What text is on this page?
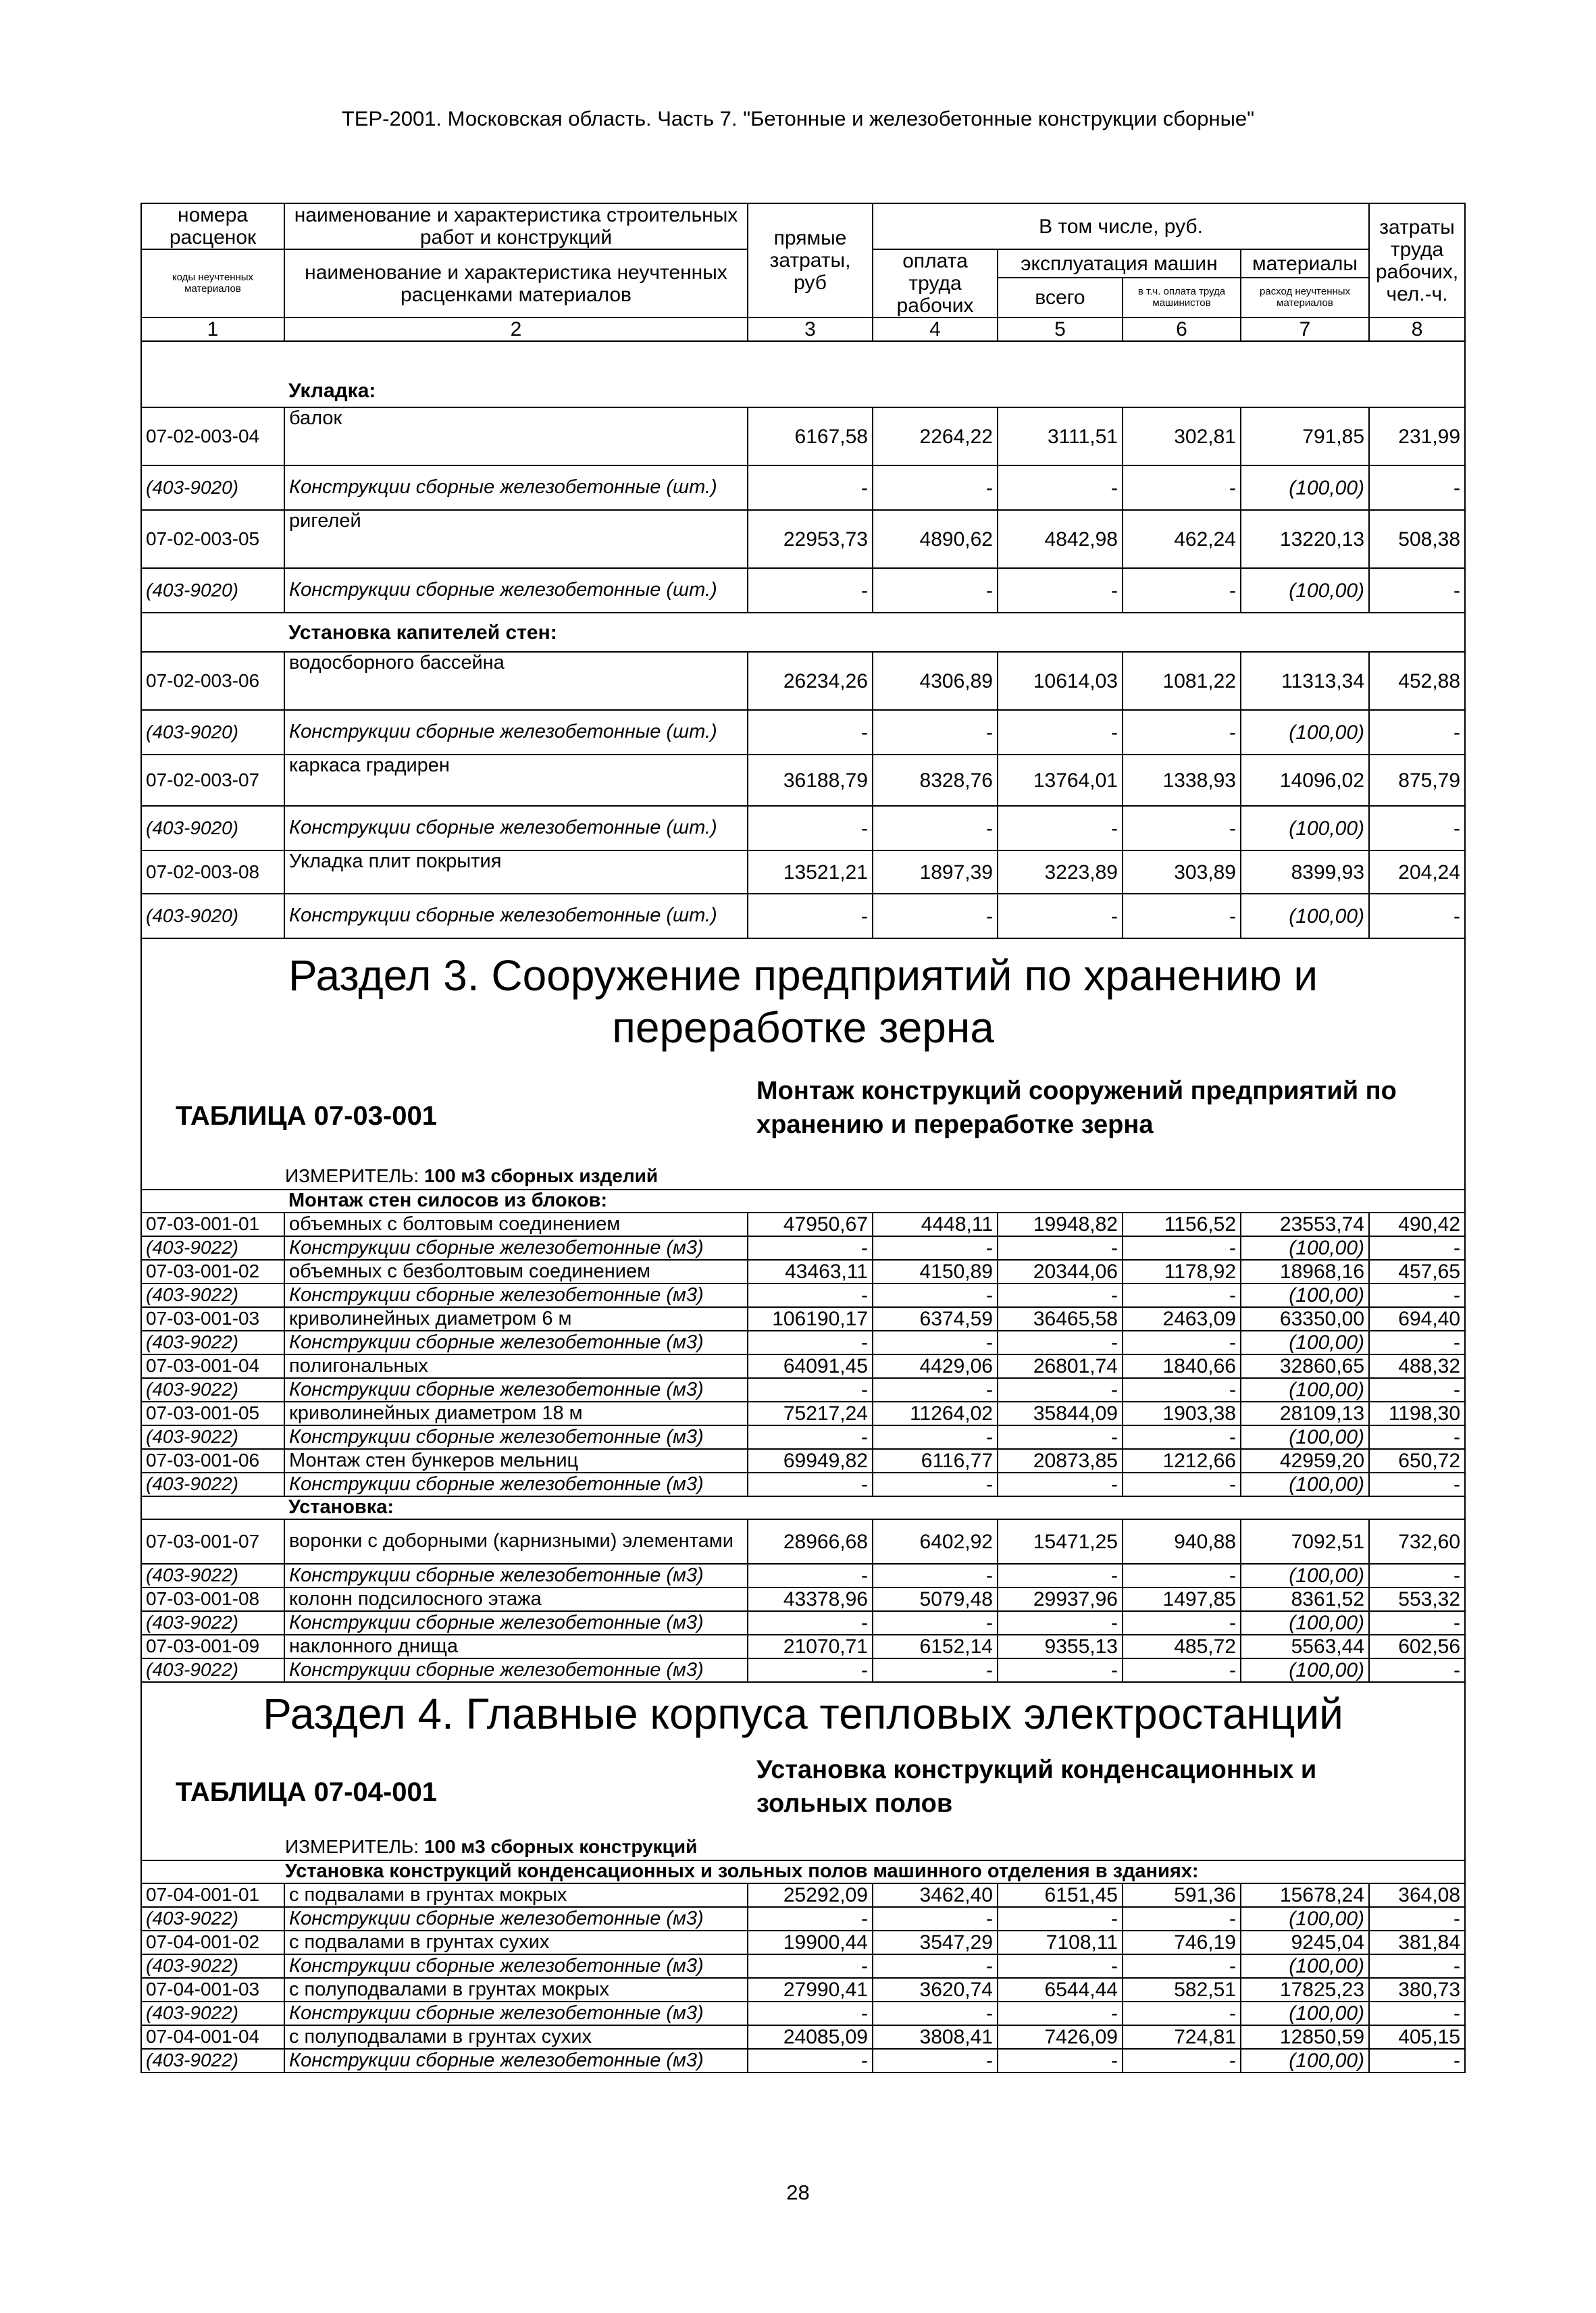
ТЕР-2001. Московская область. Часть 7. "Бетонные и железобетонные конструкции сборные"
номера расценок	наименование и характеристика строительных работ и конструкций	прямые затраты, руб	В том числе, руб.				затраты труда рабочих, чел.-ч.
коды неучтенных материалов	наименование и характеристика неучтенных расценками материалов		оплата труда рабочих	эксплуатация машин		материалы	
				всего	в т.ч. оплата труда машинистов	расход неучтенных материалов	
1	2	3	4	5	6	7	8

	Укладка:						
07-02-003-04	балок	6167,58	2264,22	3111,51	302,81	791,85	231,99
(403-9020)	Конструкции сборные железобетонные (шт.)	-	-	-	-	(100,00)	-
07-02-003-05	ригелей	22953,73	4890,62	4842,98	462,24	13220,13	508,38
(403-9020)	Конструкции сборные железобетонные (шт.)	-	-	-	-	(100,00)	-
	Установка капителей стен:						
07-02-003-06	водосборного бассейна	26234,26	4306,89	10614,03	1081,22	11313,34	452,88
(403-9020)	Конструкции сборные железобетонные (шт.)	-	-	-	-	(100,00)	-
07-02-003-07	каркаса градирен	36188,79	8328,76	13764,01	1338,93	14096,02	875,79
(403-9020)	Конструкции сборные железобетонные (шт.)	-	-	-	-	(100,00)	-
07-02-003-08	Укладка плит покрытия	13521,21	1897,39	3223,89	303,89	8399,93	204,24
(403-9020)	Конструкции сборные железобетонные (шт.)	-	-	-	-	(100,00)	-

Раздел 3. Сооружение предприятий по хранению и переработке зерна
ТАБЛИЦА 07-03-001
Монтаж конструкций сооружений предприятий по хранению и переработке зерна
ИЗМЕРИТЕЛЬ: 100 м3 сборных изделий							

	Монтаж стен силосов из блоков:						
07-03-001-01	объемных с болтовым соединением	47950,67	4448,11	19948,82	1156,52	23553,74	490,42
(403-9022)	Конструкции сборные железобетонные (м3)	-	-	-	-	(100,00)	-
07-03-001-02	объемных с безболтовым соединением	43463,11	4150,89	20344,06	1178,92	18968,16	457,65
(403-9022)	Конструкции сборные железобетонные (м3)	-	-	-	-	(100,00)	-
07-03-001-03	криволинейных диаметром 6 м	106190,17	6374,59	36465,58	2463,09	63350,00	694,40
(403-9022)	Конструкции сборные железобетонные (м3)	-	-	-	-	(100,00)	-
07-03-001-04	полигональных	64091,45	4429,06	26801,74	1840,66	32860,65	488,32
(403-9022)	Конструкции сборные железобетонные (м3)	-	-	-	-	(100,00)	-
07-03-001-05	криволинейных диаметром 18 м	75217,24	11264,02	35844,09	1903,38	28109,13	1198,30
(403-9022)	Конструкции сборные железобетонные (м3)	-	-	-	-	(100,00)	-
07-03-001-06	Монтаж стен бункеров мельниц	69949,82	6116,77	20873,85	1212,66	42959,20	650,72
(403-9022)	Конструкции сборные железобетонные (м3)	-	-	-	-	(100,00)	-
	Установка:						
07-03-001-07	воронки с доборными (карнизными) элементами	28966,68	6402,92	15471,25	940,88	7092,51	732,60
(403-9022)	Конструкции сборные железобетонные (м3)	-	-	-	-	(100,00)	-
07-03-001-08	колонн подсилосного этажа	43378,96	5079,48	29937,96	1497,85	8361,52	553,32
(403-9022)	Конструкции сборные железобетонные (м3)	-	-	-	-	(100,00)	-
07-03-001-09	наклонного днища	21070,71	6152,14	9355,13	485,72	5563,44	602,56
(403-9022)	Конструкции сборные железобетонные (м3)	-	-	-	-	(100,00)	-

Раздел 4. Главные корпуса тепловых электростанций
ТАБЛИЦА 07-04-001
Установка конструкций конденсационных и зольных полов
ИЗМЕРИТЕЛЬ: 100 м3 сборных конструкций							

Установка конструкций конденсационных и зольных полов машинного отделения в зданиях:							
07-04-001-01	с подвалами в грунтах мокрых	25292,09	3462,40	6151,45	591,36	15678,24	364,08
(403-9022)	Конструкции сборные железобетонные (м3)	-	-	-	-	(100,00)	-
07-04-001-02	с подвалами в грунтах сухих	19900,44	3547,29	7108,11	746,19	9245,04	381,84
(403-9022)	Конструкции сборные железобетонные (м3)	-	-	-	-	(100,00)	-
07-04-001-03	с полуподвалами в грунтах мокрых	27990,41	3620,74	6544,44	582,51	17825,23	380,73
(403-9022)	Конструкции сборные железобетонные (м3)	-	-	-	-	(100,00)	-
07-04-001-04	с полуподвалами в грунтах сухих	24085,09	3808,41	7426,09	724,81	12850,59	405,15
(403-9022)	Конструкции сборные железобетонные (м3)	-	-	-	-	(100,00)	-
28
